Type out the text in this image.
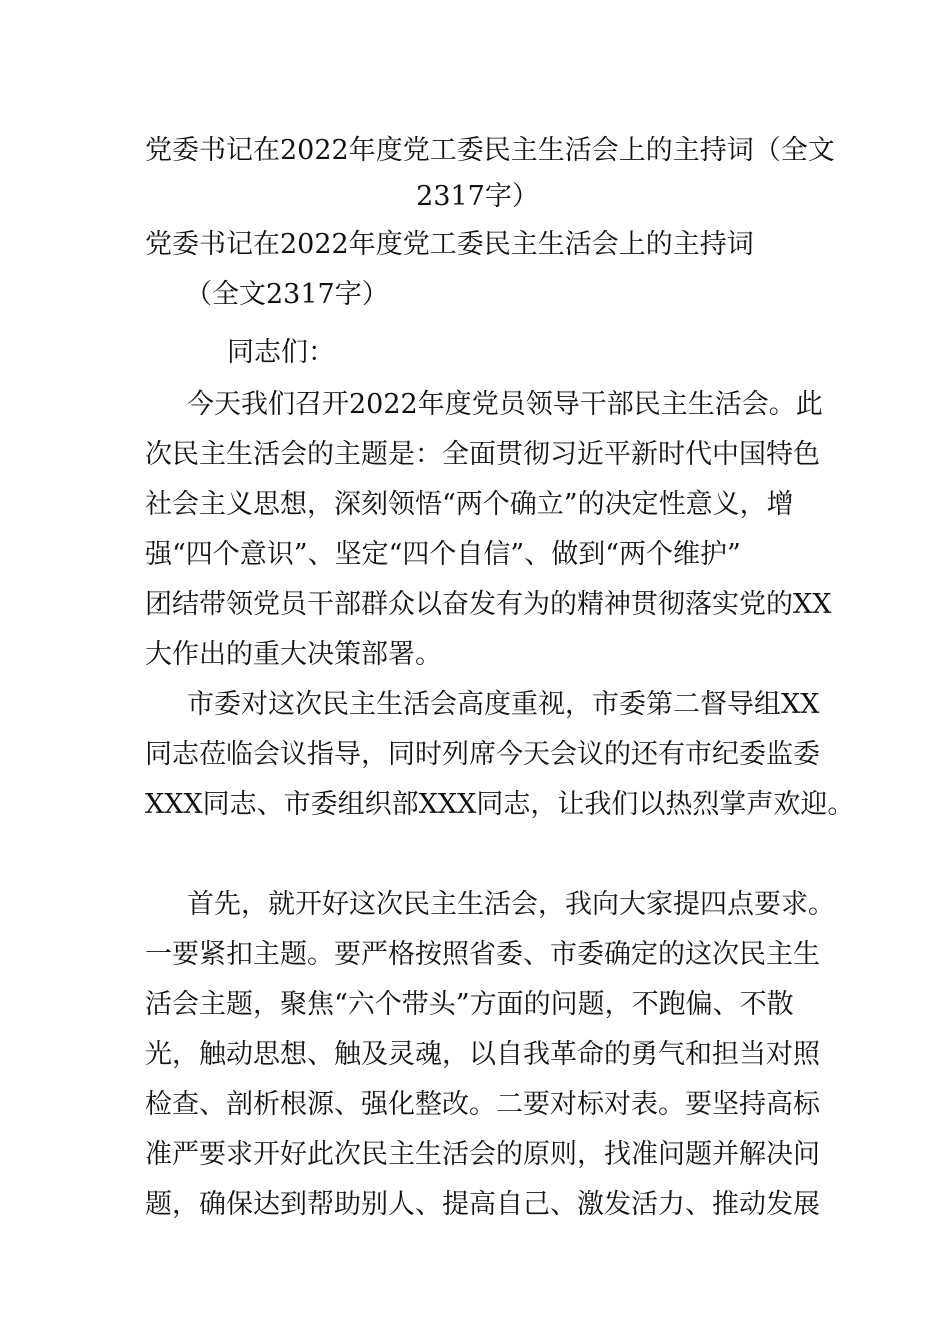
党委书记在2022年度党工委民主生活会上的主持词（全文
2317字）

党委书记在2022年度党工委民主生活会上的主持词

（全文2317字）

同志们：

今天我们召开2022年度党员领导干部民主生活会。此
次民主生活会的主题是：全面贯彻习近平新时代中国特色
社会主义思想，深刻领悟“两个确立”的决定性意义，增
强“四个意识”、坚定“四个自信”、做到“两个维护”
团结带领党员干部群众以奋发有为的精神贯彻落实党的XX
大作出的重大决策部署。

市委对这次民主生活会高度重视，市委第二督导组XX
同志莅临会议指导，同时列席今天会议的还有市纪委监委
XXX同志、市委组织部XXX同志，让我们以热烈掌声欢迎。

首先，就开好这次民主生活会，我向大家提四点要求。
一要紧扣主题。要严格按照省委、市委确定的这次民主生
活会主题，聚焦“六个带头”方面的问题，不跑偏、不散
光，触动思想、触及灵魂，以自我革命的勇气和担当对照
检查、剖析根源、强化整改。二要对标对表。要坚持高标
准严要求开好此次民主生活会的原则，找准问题并解决问
题，确保达到帮助别人、提高自己、激发活力、推动发展
